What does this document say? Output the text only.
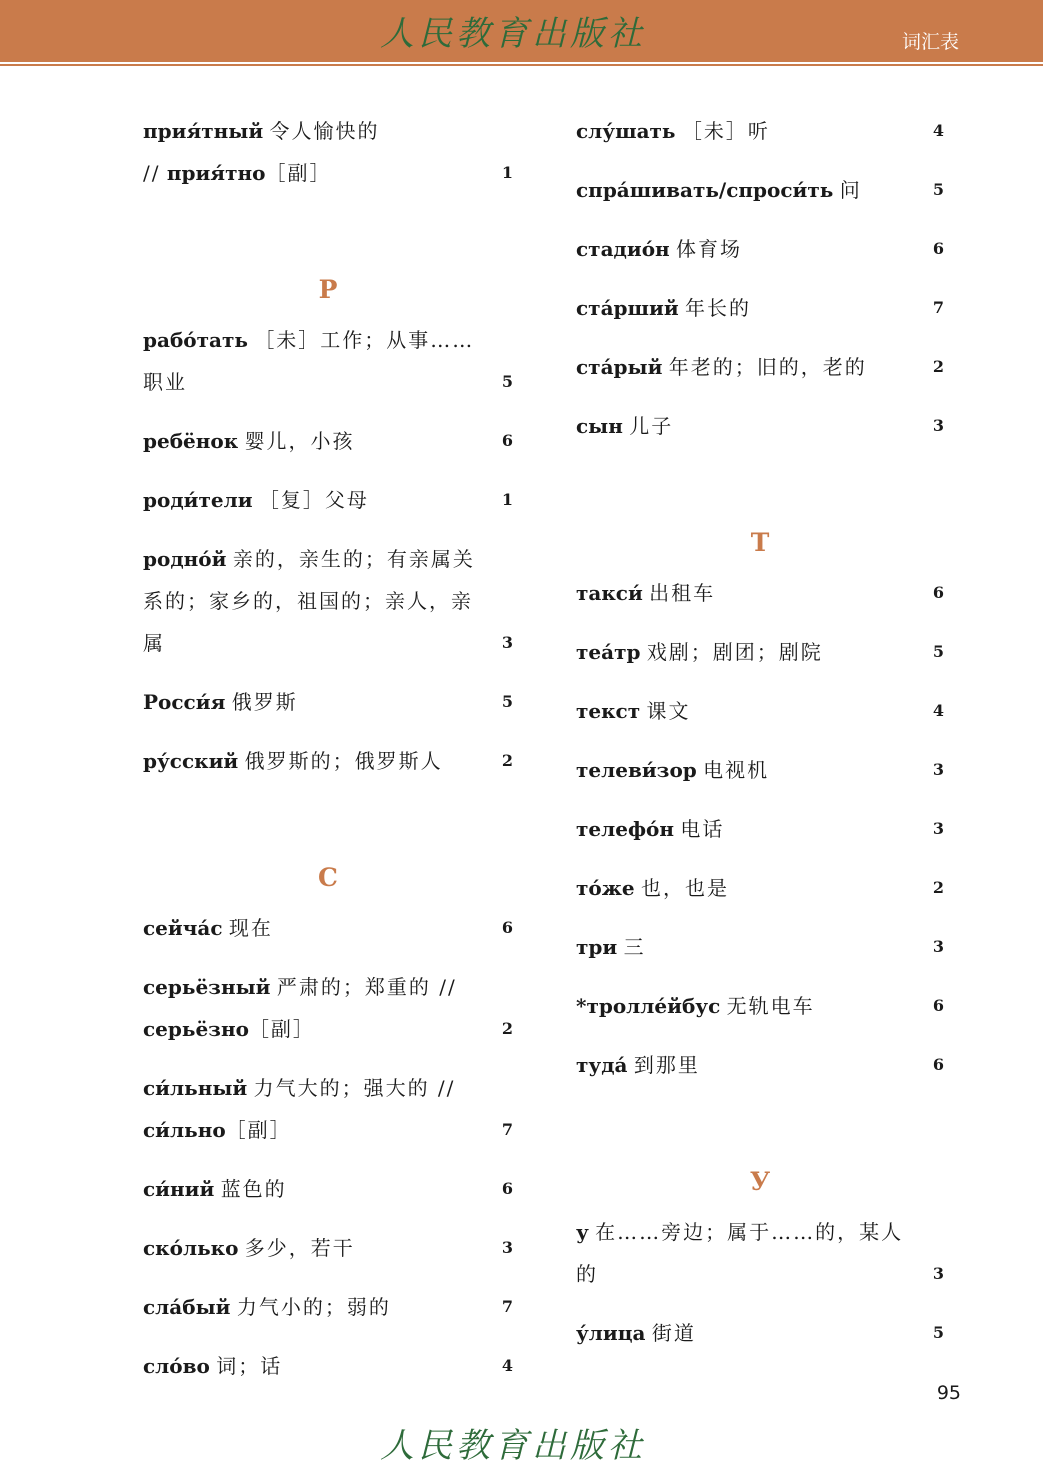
人民教育出版社	词汇表
прия́тный 令人愉快的
// прия́тно［副］	1
Р
рабо́тать ［未］工作；从事……职业	5
ребёнок 婴儿，小孩	6
роди́тели ［复］父母	1
родно́й 亲的，亲生的；有亲属关系的；家乡的，祖国的；亲人，亲属	3
Росси́я 俄罗斯	5
ру́сский 俄罗斯的；俄罗斯人	2
С
сейча́с 现在	6
серьёзный 严肃的；郑重的 //
серьёзно［副］	2
си́льный 力气大的；强大的 //
си́льно［副］	7
си́ний 蓝色的	6
ско́лько 多少，若干	3
сла́бый 力气小的；弱的	7
сло́во 词；话	4
слу́шать ［未］听	4
спра́шивать/спроси́ть 问	5
стадио́н 体育场	6
ста́рший 年长的	7
ста́рый 年老的；旧的，老的	2
сын 儿子	3
Т
такси́ 出租车	6
теа́тр 戏剧；剧团；剧院	5
текст 课文	4
телеви́зор 电视机	3
телефо́н 电话	3
то́же 也，也是	2
три 三	3
*тролле́йбус 无轨电车	6
туда́ 到那里	6
У
у 在……旁边；属于……的，某人的	3
у́лица 街道	5
95
人民教育出版社
